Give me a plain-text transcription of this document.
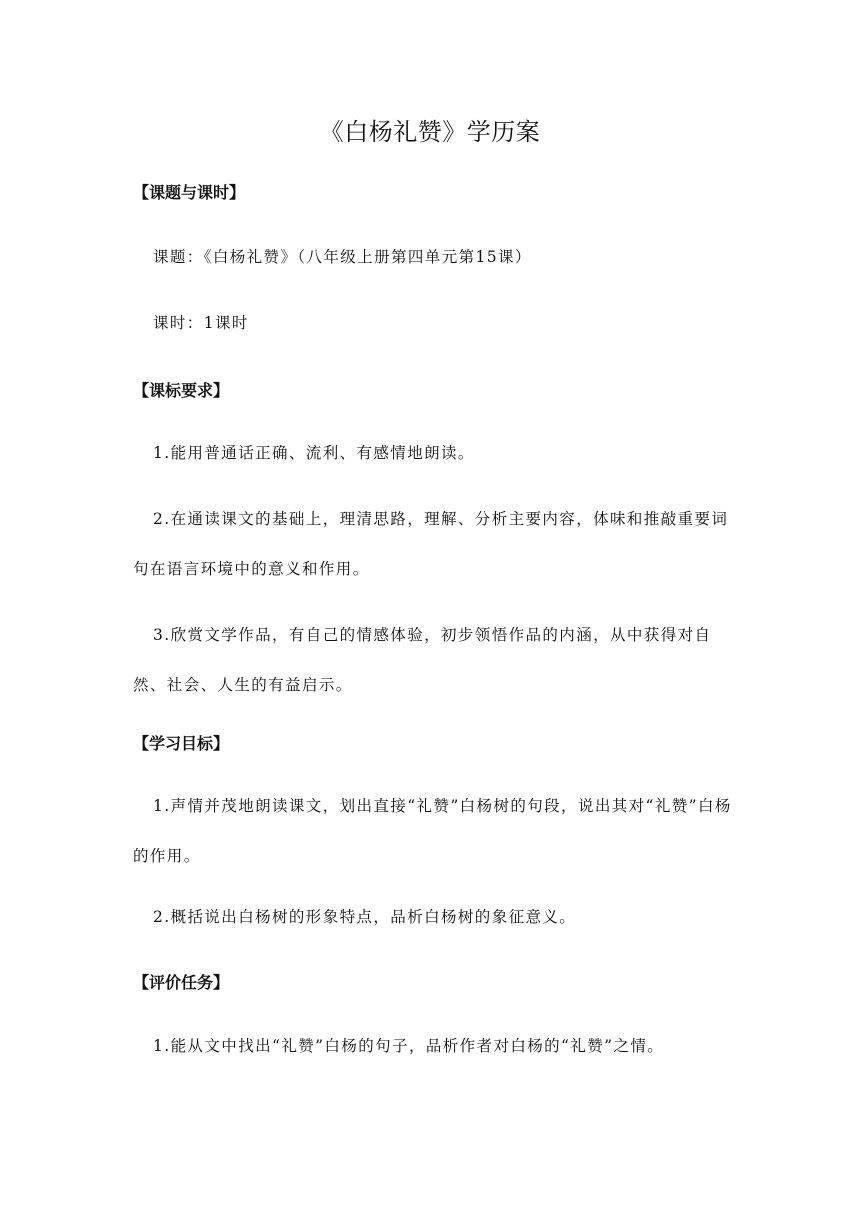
《白杨礼赞》学历案
【课题与课时】
课题：《白杨礼赞》（八年级上册第四单元第15课）
课时：1课时
【课标要求】
1.能用普通话正确、流利、有感情地朗读。
2.在通读课文的基础上，理清思路，理解、分析主要内容，体味和推敲重要词句在语言环境中的意义和作用。
3.欣赏文学作品，有自己的情感体验，初步领悟作品的内涵，从中获得对自然、社会、人生的有益启示。
【学习目标】
1.声情并茂地朗读课文，划出直接“礼赞”白杨树的句段，说出其对“礼赞”白杨的作用。
2.概括说出白杨树的形象特点，品析白杨树的象征意义。
【评价任务】
1.能从文中找出“礼赞”白杨的句子，品析作者对白杨的“礼赞”之情。
